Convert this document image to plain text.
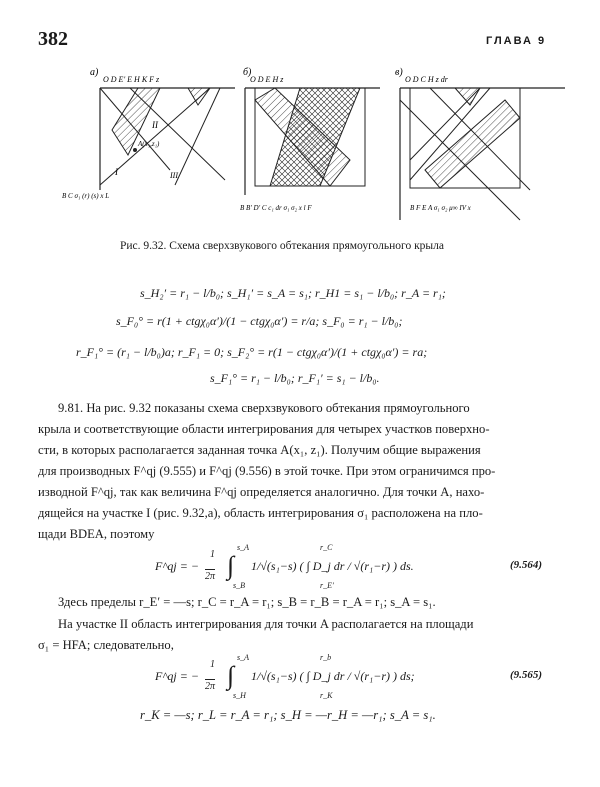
382	ГЛАВА 9
а)
O D E' E H K F z
A(x₁,z₁)
I
II
III
B C σ₁ (r) (s) x L
б)
O D E H z
B B' D' C c₁ dr σ₁ σ₂ x l F
в)
O D C H z dr
B F E A σ₁ σ₂ μ∞ IV x
Рис. 9.32. Схема сверхзвукового обтекания прямоугольного крыла
s_H₂′ = r₁ − l/b₀; s_H₁′ = s_A = s₁; r_H1 = s₁ − l/b₀; r_A = r₁;
s_F₀° = r(1 + ctgχ₀α′)/(1 − ctgχ₀α′) = r/a; s_F₀ = r₁ − l/b₀;
r_F₁° = (r₁ − l/b₀)a; r_F₁ = 0; s_F₂° = r(1 − ctgχ₀α′)/(1 + ctgχ₀α′) = ra;
s_F₁° = r₁ − l/b₀; r_F₁′ = s₁ − l/b₀.
9.81. На рис. 9.32 показаны схема сверхзвукового обтекания прямоугольного
крыла и соответствующие области интегрирования для четырех участков поверхно-
сти, в которых располагается заданная точка A(x₁, z₁). Получим общие выражения
для производных F^qj (9.555) и F^qj (9.556) в этой точке. При этом ограничимся про-
изводной F^qj, так как величина F^qj определяется аналогично. Для точки A, нахо-
дящейся на участке I (рис. 9.32,а), область интегрирования σ₁ расположена на пло-
щади BDEA, поэтому
F^qj = −
1
2π ∫
s_A
s_B
r_C
r_E′
1/√(s₁−s) ( ∫ D_j dr / √(r₁−r) ) ds.	(9.564)
Здесь пределы r_E′ = —s; r_C = r_A = r₁; s_B = r_B = r_A = r₁; s_A = s₁.
На участке II область интегрирования для точки A располагается на площади
σ₁ = HFA; следовательно,
F^qj = −
1
2π ∫
s_A
s_H
r_b
r_K
1/√(s₁−s) ( ∫ D_j dr / √(r₁−r) ) ds;	(9.565)
r_K = —s; r_L = r_A = r₁; s_H = —r_H = —r₁; s_A = s₁.
